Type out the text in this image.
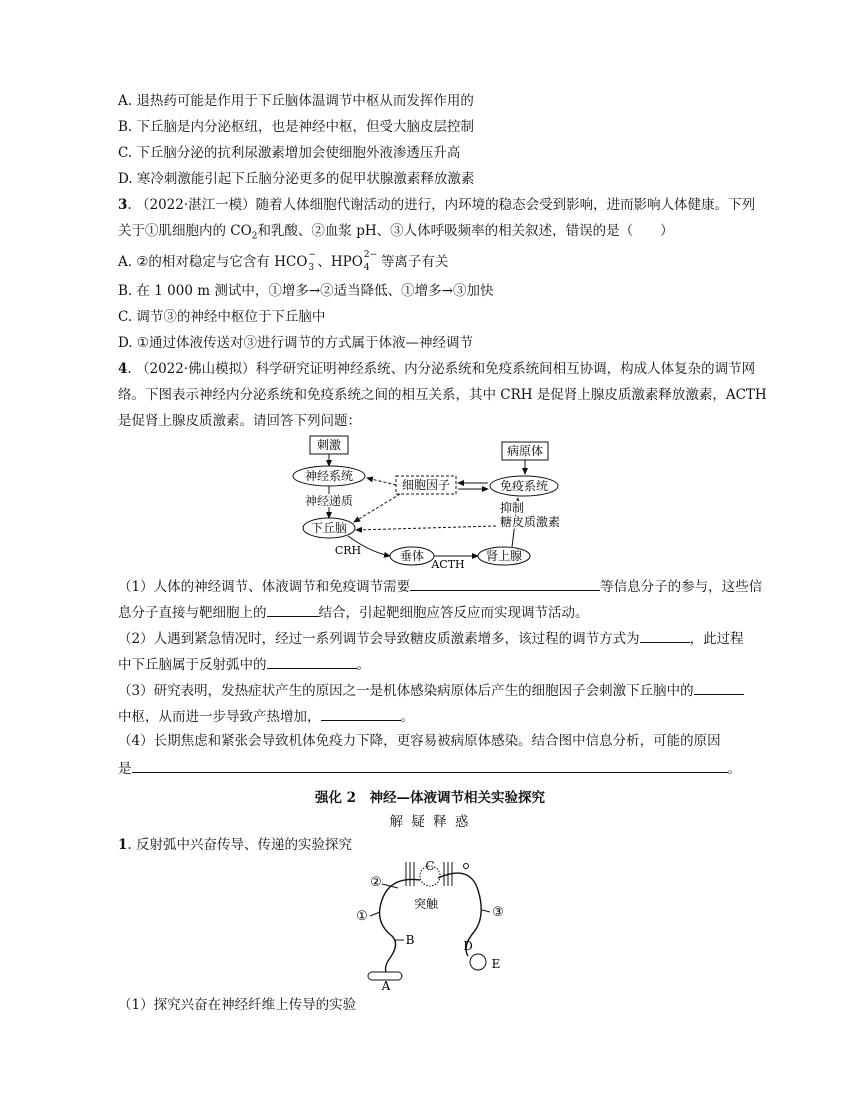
A. 退热药可能是作用于下丘脑体温调节中枢从而发挥作用的
B. 下丘脑是内分泌枢纽，也是神经中枢，但受大脑皮层控制
C. 下丘脑分泌的抗利尿激素增加会使细胞外液渗透压升高
D. 寒冷刺激能引起下丘脑分泌更多的促甲状腺激素释放激素
3. （2022·湛江一模）随着人体细胞代谢活动的进行，内环境的稳态会受到影响，进而影响人体健康。下列
关于①肌细胞内的 $CO_2$和乳酸、②血浆 pH、③人体呼吸频率的相关叙述，错误的是（　　）
A. ②的相对稳定与它含有 HCO −
3 、HPO 2−
4 等离子有关
B. 在 1 000 m 测试中，①增多→②适当降低、①增多→③加快
C. 调节③的神经中枢位于下丘脑中
D. ①通过体液传送对③进行调节的方式属于体液—神经调节
4. （2022·佛山模拟）科学研究证明神经系统、内分泌系统和免疫系统间相互协调，构成人体复杂的调节网
络。下图表示神经内分泌系统和免疫系统之间的相互关系，其中 CRH 是促肾上腺皮质激素释放激素，ACTH
是促肾上腺皮质激素。请回答下列问题：
刺激
神经系统
神经递质
下丘脑
CRH	垂体
ACTH
肾上腺
细胞因子	免疫系统
病原体
抑制
糖皮质激素
（1）人体的神经调节、体液调节和免疫调节需要	等信息分子的参与，这些信
息分子直接与靶细胞上的	结合，引起靶细胞应答反应而实现调节活动。
（2）人遇到紧急情况时，经过一系列调节会导致糖皮质激素增多，该过程的调节方式为	，此过程
中下丘脑属于反射弧中的	。
（3）研究表明，发热症状产生的原因之一是机体感染病原体后产生的细胞因子会刺激下丘脑中的
中枢，从而进一步导致产热增加，	。
（4）长期焦虑和紧张会导致机体免疫力下降，更容易被病原体感染。结合图中信息分析，可能的原因
是	。
强化 2　神经—体液调节相关实验探究
解 疑 释 惑
1. 反射弧中兴奋传导、传递的实验探究
C
突触
A
E
②
①	③
B	D
（1）探究兴奋在神经纤维上传导的实验
